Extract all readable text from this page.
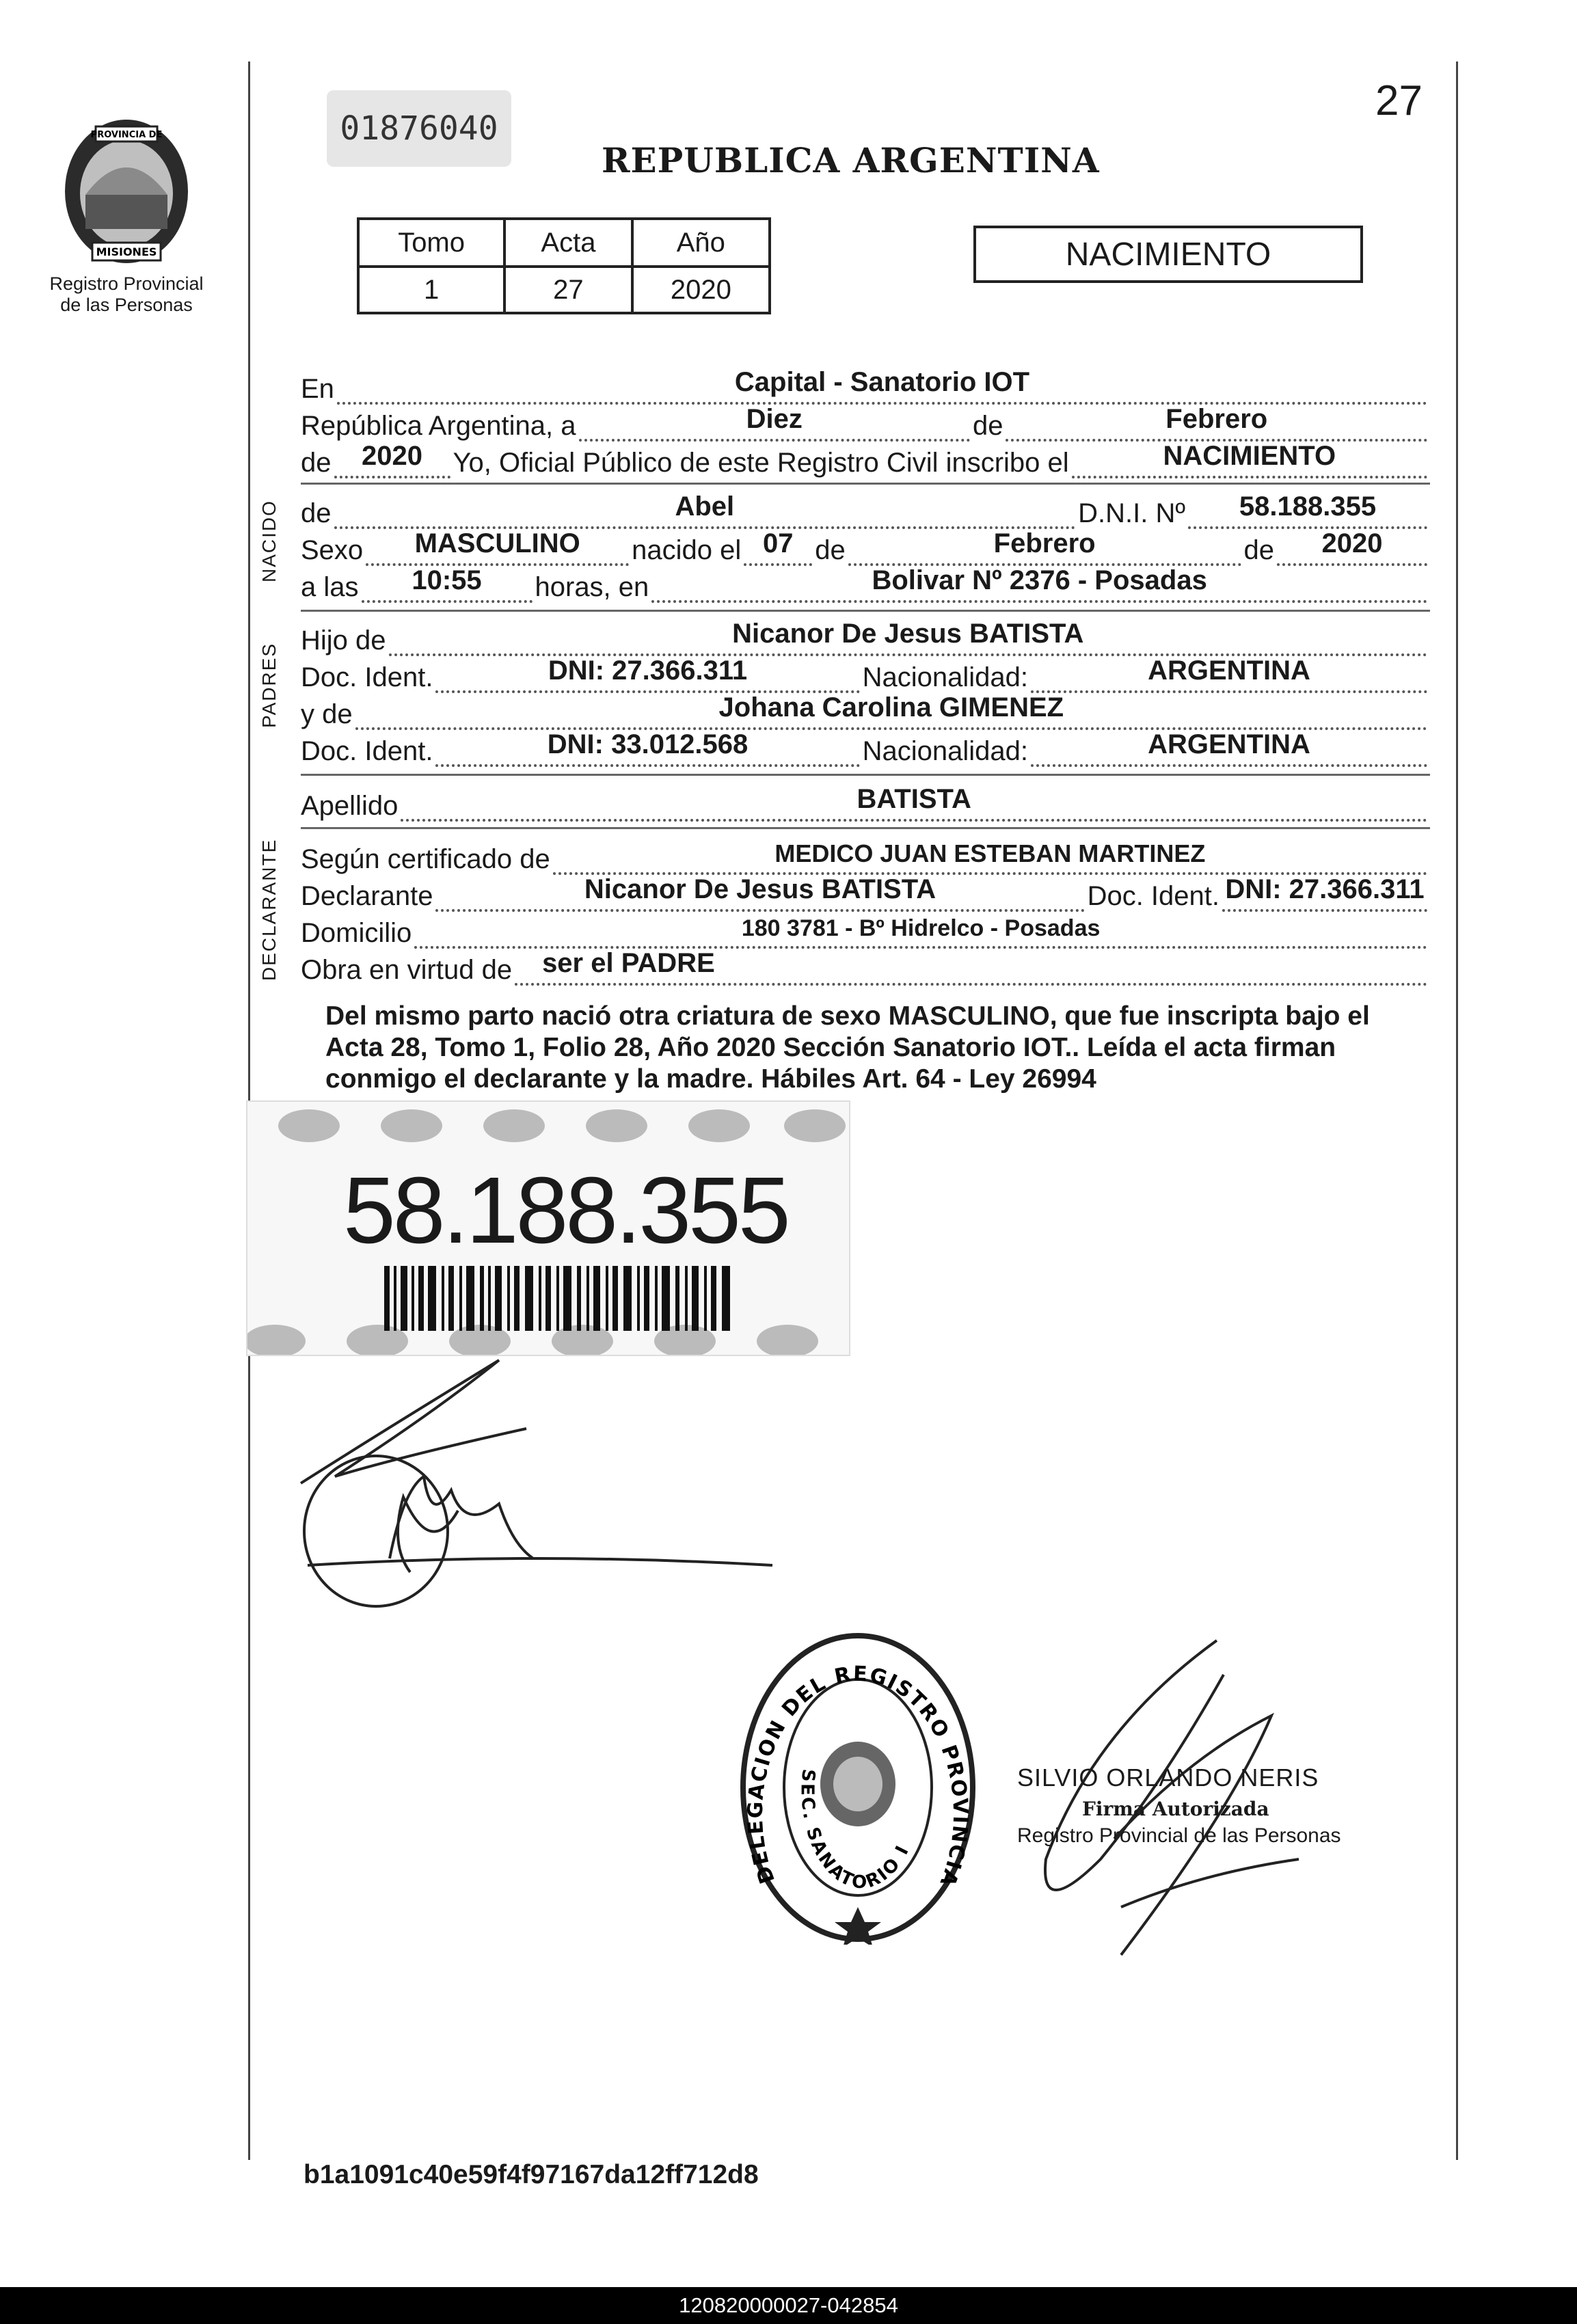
27
01876040
PROVINCIA DE
MISIONES
Registro Provincial
de las Personas
REPUBLICA ARGENTINA
Tomo	Acta	Año
1	27	2020
NACIMIENTO
En	Capital - Sanatorio IOT
República Argentina, a	Diez	de	Febrero
de	2020	Yo, Oficial Público de este Registro Civil inscribo el	NACIMIENTO
NACIDO de	Abel	D.N.I. Nº	58.188.355
Sexo	MASCULINO	nacido el 07 de	Febrero	de	2020
a las	10:55	horas, en	Bolivar Nº 2376 - Posadas
PADRES
Hijo de	Nicanor De Jesus BATISTA
Doc. Ident.	DNI: 27.366.311	Nacionalidad:	ARGENTINA
y de	Johana Carolina GIMENEZ
Doc. Ident.	DNI: 33.012.568	Nacionalidad:	ARGENTINA
Apellido	BATISTA
DECLARANTE Según certificado de	MEDICO JUAN ESTEBAN MARTINEZ
Declarante	Nicanor De Jesus BATISTA	Doc. Ident. DNI: 27.366.311
Domicilio	180 3781 - Bº Hidrelco - Posadas
Obra en virtud de	ser el PADRE
Del mismo parto nació otra criatura de sexo MASCULINO, que fue inscripta bajo el Acta 28, Tomo 1, Folio 28, Año 2020 Sección Sanatorio IOT.. Leída el acta firman conmigo el declarante y la madre. Hábiles Art. 64 - Ley 26994
58.188.355
DELEGACION DEL REGISTRO PROVINCIA
SEC. SANATORIO I
SILVIO ORLANDO NERIS
Firma Autorizada
Registro Provincial de las Personas
b1a1091c40e59f4f97167da12ff712d8
120820000027-042854
